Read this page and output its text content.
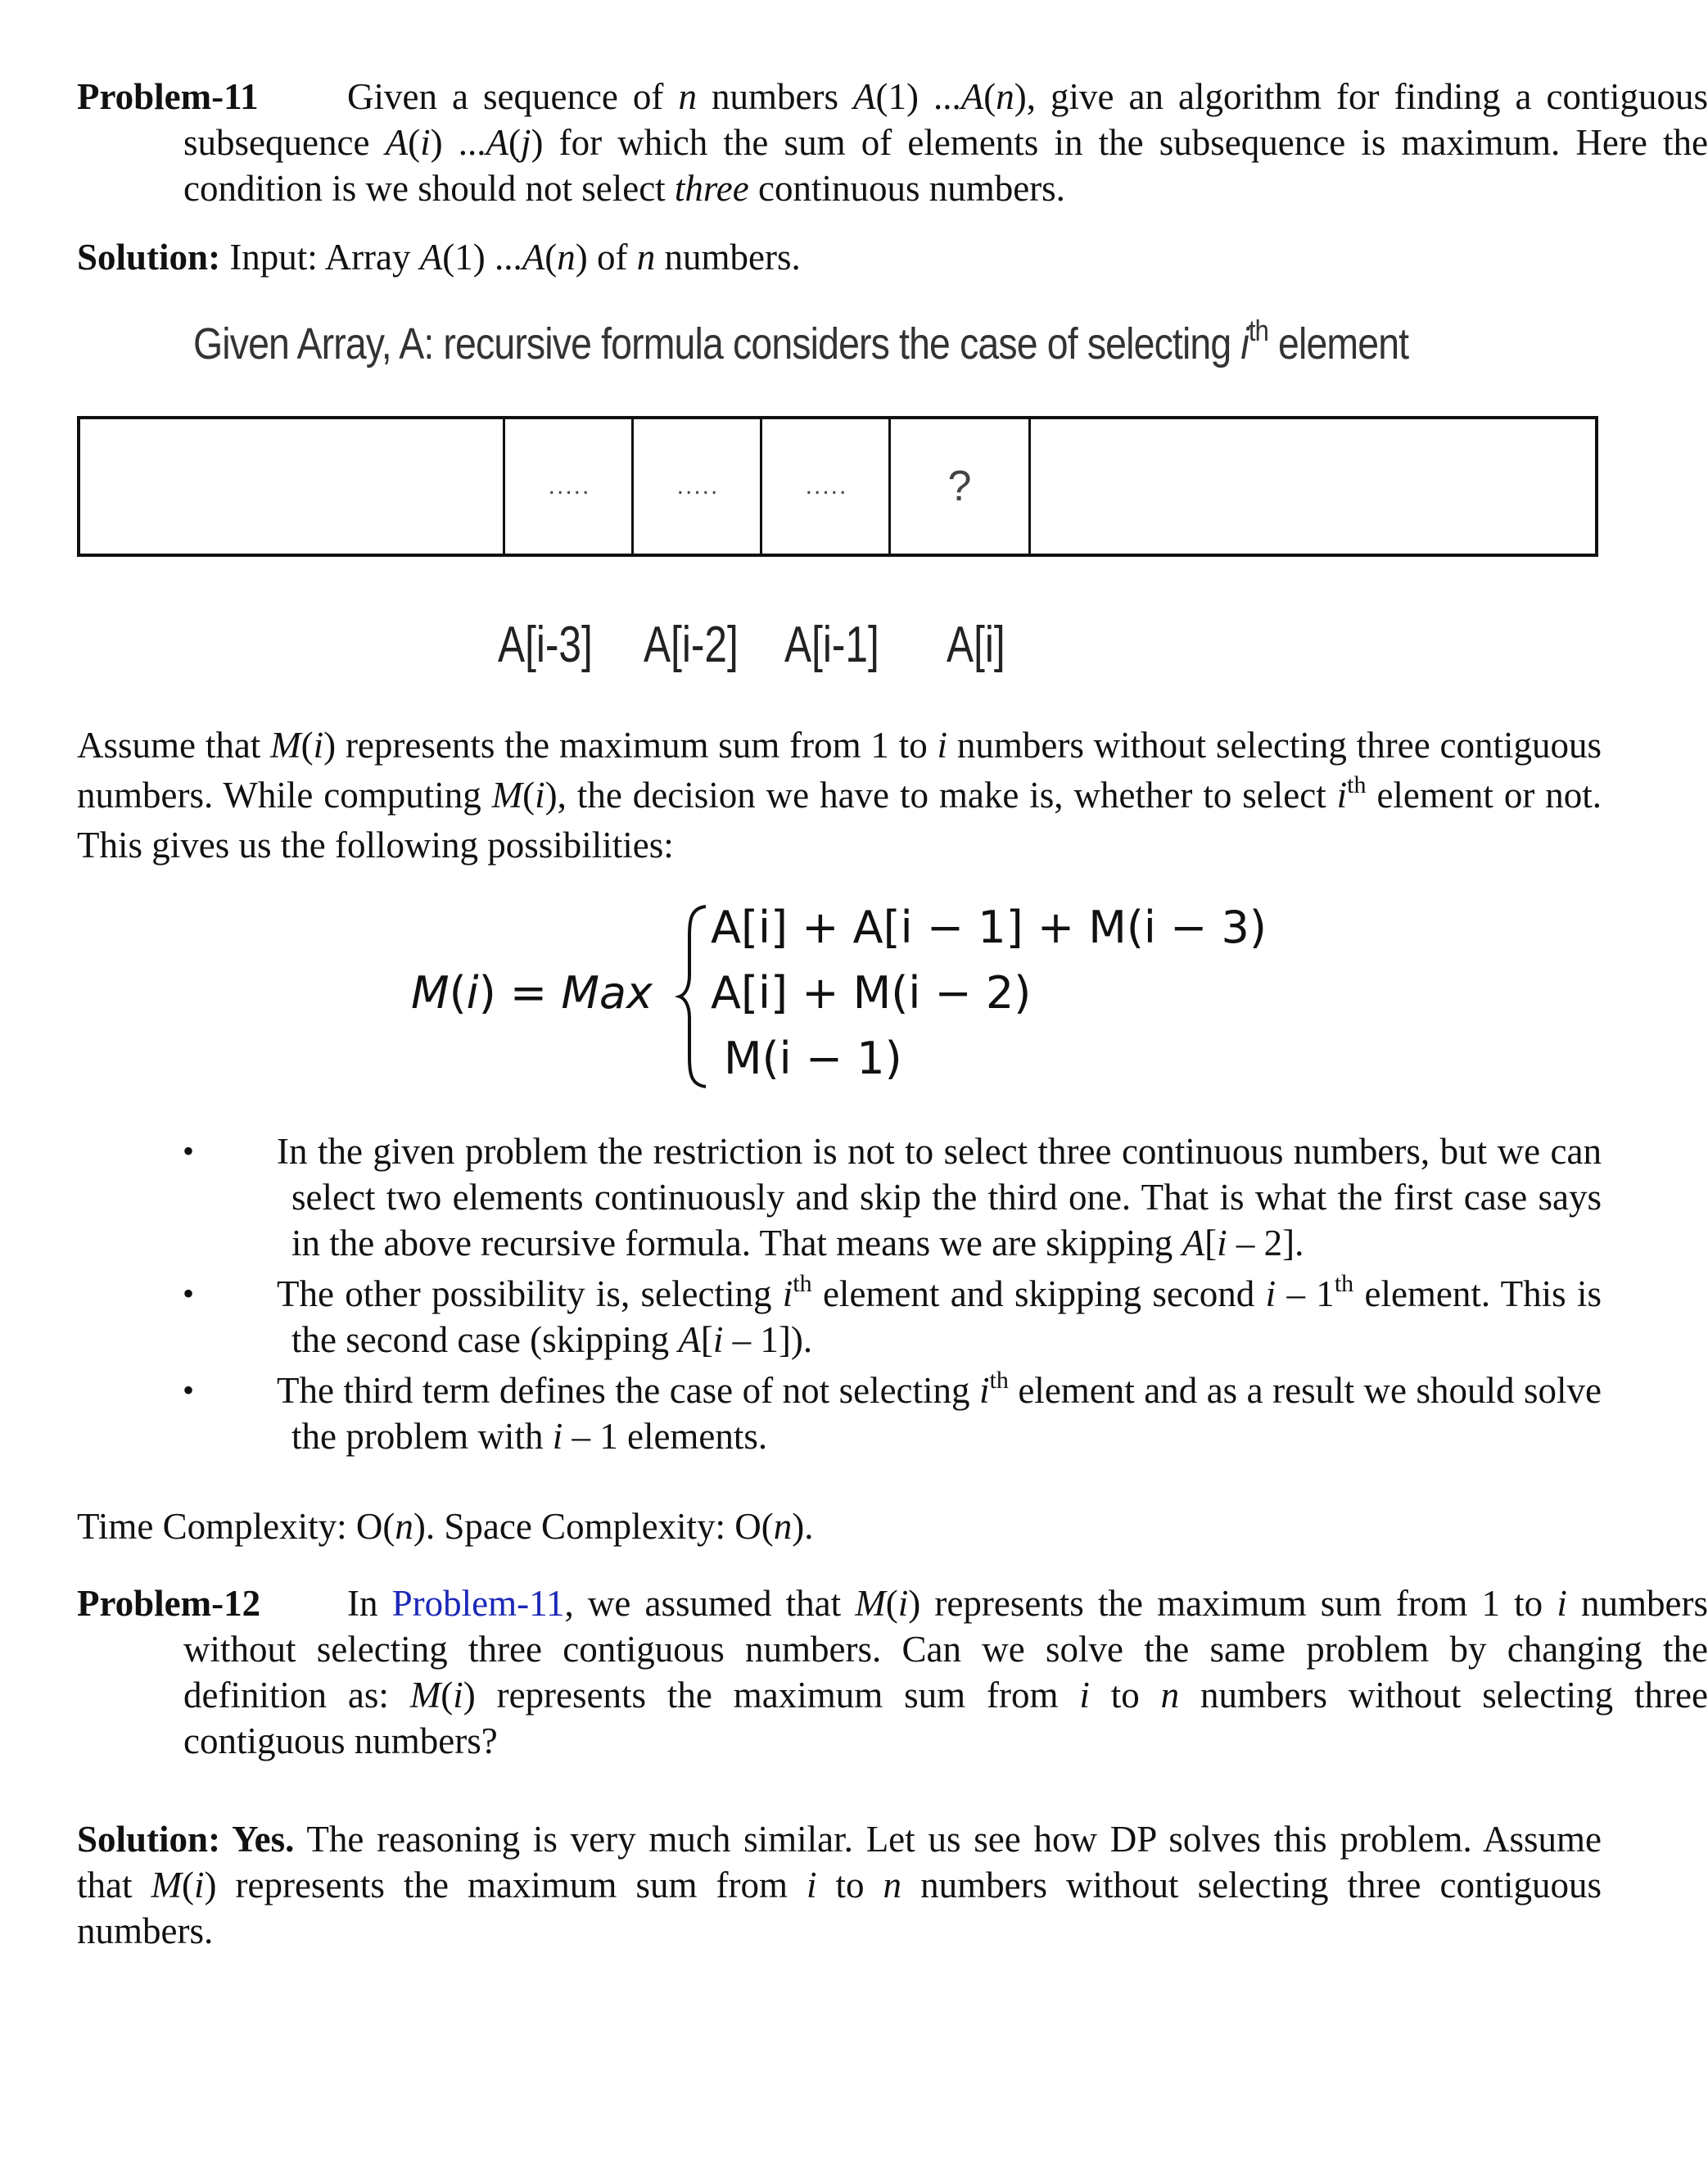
Problem-11 Given a sequence of n numbers A(1) ...A(n), give an algorithm for finding a contiguous subsequence A(i) ...A(j) for which the sum of elements in the subsequence is maximum. Here the condition is we should not select three continuous numbers.
Solution: Input: Array A(1) ...A(n) of n numbers.
Given Array, A: recursive formula considers the case of selecting $i^{th}$ element
.....	.....	.....	?
A[i-3] A[i-2] A[i-1] A[i]
Assume that M(i) represents the maximum sum from 1 to i numbers without selecting three contiguous numbers. While computing M(i), the decision we have to make is, whether to select $i^{th}$ element or not. This gives us the following possibilities:
M(i) = Max
A[i] + A[i − 1] + M(i − 3)
A[i] + M(i − 2)
M(i − 1)
• In the given problem the restriction is not to select three continuous numbers, but we can select two elements continuously and skip the third one. That is what the first case says in the above recursive formula. That means we are skipping A[i – 2].
• The other possibility is, selecting $i^{th}$ element and skipping second i – 1th element. This is the second case (skipping A[i – 1]).
• The third term defines the case of not selecting $i^{th}$ element and as a result we should solve the problem with i – 1 elements.
Time Complexity: O(n). Space Complexity: O(n).
Problem-12 In Problem-11, we assumed that M(i) represents the maximum sum from 1 to i numbers without selecting three contiguous numbers. Can we solve the same problem by changing the definition as: M(i) represents the maximum sum from i to n numbers without selecting three contiguous numbers?
Solution: Yes. The reasoning is very much similar. Let us see how DP solves this problem. Assume that M(i) represents the maximum sum from i to n numbers without selecting three contiguous numbers.
